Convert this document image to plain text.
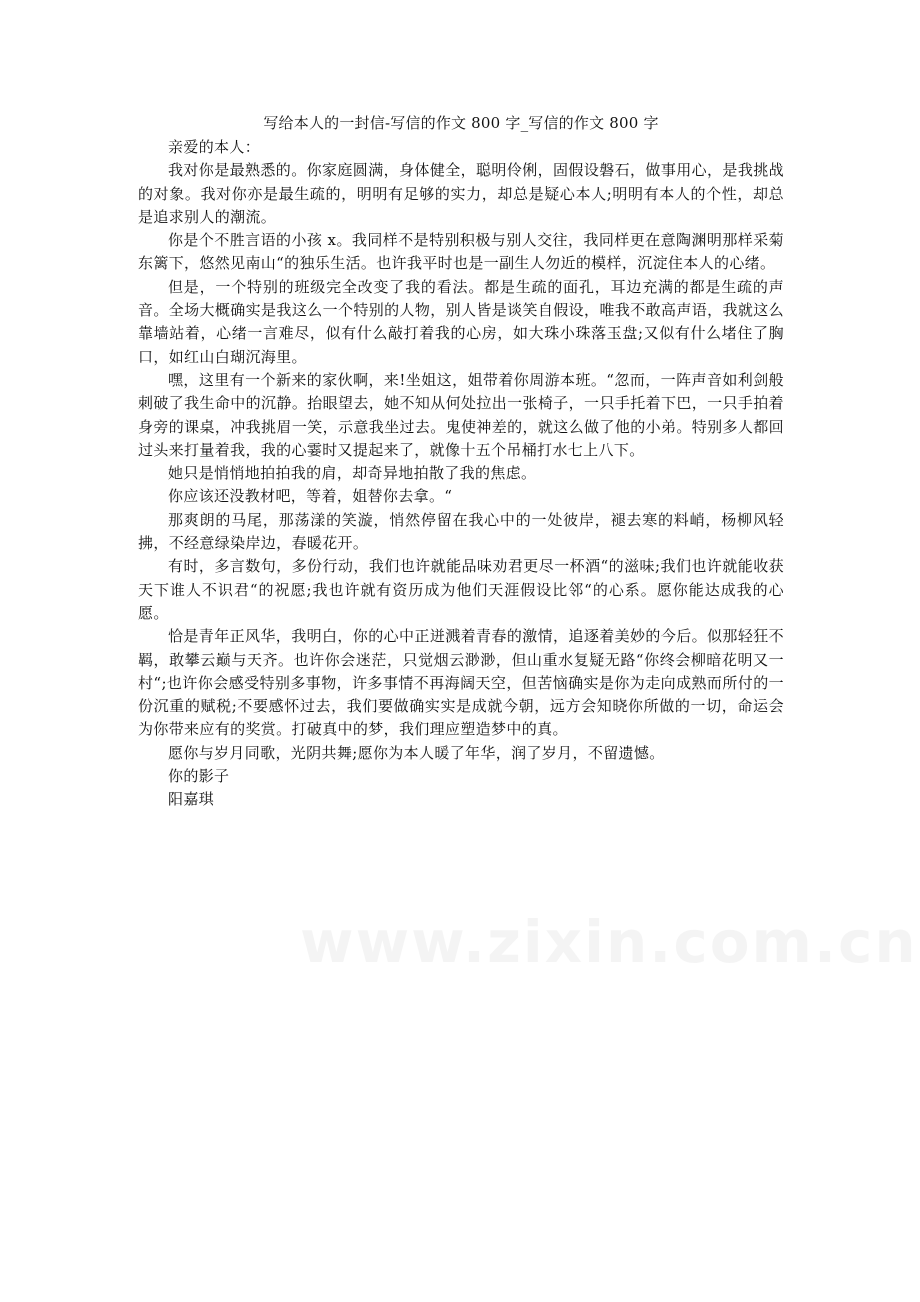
写给本人的一封信-写信的作文 800 字_写信的作文 800 字

亲爱的本人：

我对你是最熟悉的。你家庭圆满，身体健全，聪明伶俐，固假设磐石，做事用心，是我挑战的对象。我对你亦是最生疏的，明明有足够的实力，却总是疑心本人;明明有本人的个性，却总是追求别人的潮流。

你是个不胜言语的小孩 x。我同样不是特别积极与别人交往，我同样更在意陶渊明那样采菊东篱下，悠然见南山“的独乐生活。也许我平时也是一副生人勿近的模样，沉淀住本人的心绪。

但是，一个特别的班级完全改变了我的看法。都是生疏的面孔，耳边充满的都是生疏的声音。全场大概确实是我这么一个特别的人物，别人皆是谈笑自假设，唯我不敢高声语，我就这么靠墙站着，心绪一言难尽，似有什么敲打着我的心房，如大珠小珠落玉盘;又似有什么堵住了胸口，如红山白瑚沉海里。

嘿，这里有一个新来的家伙啊，来!坐姐这，姐带着你周游本班。“忽而，一阵声音如利剑般刺破了我生命中的沉静。抬眼望去，她不知从何处拉出一张椅子，一只手托着下巴，一只手拍着身旁的课桌，冲我挑眉一笑，示意我坐过去。鬼使神差的，就这么做了他的小弟。特别多人都回过头来打量着我，我的心霎时又提起来了，就像十五个吊桶打水七上八下。

她只是悄悄地拍拍我的肩，却奇异地拍散了我的焦虑。

你应该还没教材吧，等着，姐替你去拿。“

那爽朗的马尾，那荡漾的笑漩，悄然停留在我心中的一处彼岸，褪去寒的料峭，杨柳风轻拂，不经意绿染岸边，春暖花开。

有时，多言数句，多份行动，我们也许就能品味劝君更尽一杯酒“的滋味;我们也许就能收获天下谁人不识君“的祝愿;我也许就有资历成为他们天涯假设比邻“的心系。愿你能达成我的心愿。

恰是青年正风华，我明白，你的心中正迸溅着青春的激情，追逐着美妙的今后。似那轻狂不羁，敢攀云巅与天齐。也许你会迷茫，只觉烟云渺渺，但山重水复疑无路“你终会柳暗花明又一村“;也许你会感受特别多事物，许多事情不再海阔天空，但苦恼确实是你为走向成熟而所付的一份沉重的赋税;不要感怀过去，我们要做确实实是成就今朝，远方会知晓你所做的一切，命运会为你带来应有的奖赏。打破真中的梦，我们理应塑造梦中的真。

愿你与岁月同歌，光阴共舞;愿你为本人暖了年华，润了岁月，不留遗憾。

你的影子

阳嘉琪
